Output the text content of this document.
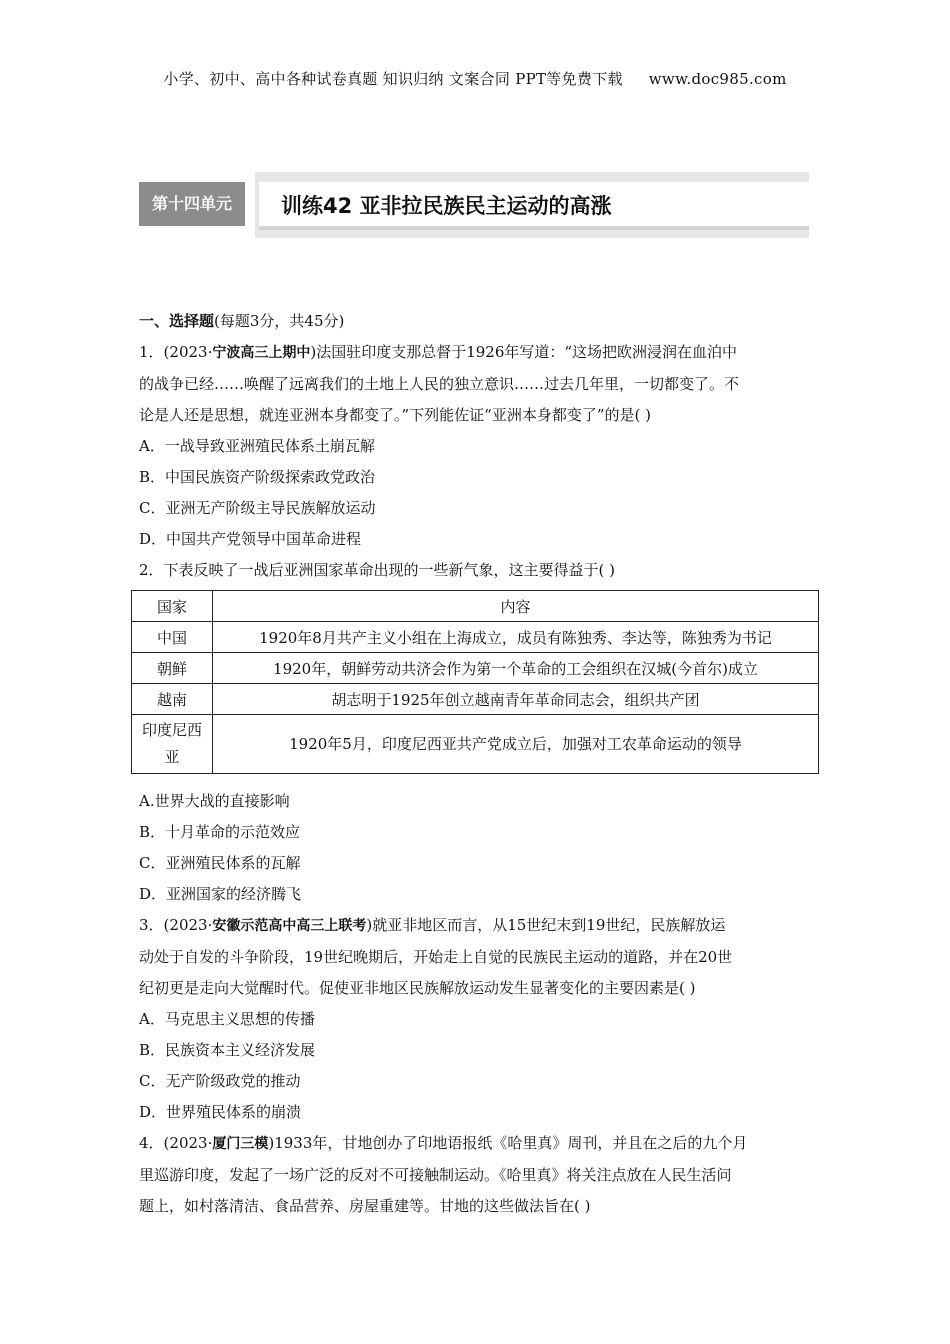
小学、初中、高中各种试卷真题 知识归纳 文案合同 PPT等免费下载 www.doc985.com
第十四单元	训练42 亚非拉民族民主运动的高涨
一、选择题(每题3分，共45分)
1．(2023·宁波高三上期中)法国驻印度支那总督于1926年写道：“这场把欧洲浸润在血泊中
的战争已经……唤醒了远离我们的土地上人民的独立意识……过去几年里，一切都变了。不
论是人还是思想，就连亚洲本身都变了。”下列能佐证“亚洲本身都变了”的是( )
A．一战导致亚洲殖民体系土崩瓦解
B．中国民族资产阶级探索政党政治
C．亚洲无产阶级主导民族解放运动
D．中国共产党领导中国革命进程
2．下表反映了一战后亚洲国家革命出现的一些新气象，这主要得益于( )
国家	内容
中国	1920年8月共产主义小组在上海成立，成员有陈独秀、李达等，陈独秀为书记
朝鲜	1920年，朝鲜劳动共济会作为第一个革命的工会组织在汉城(今首尔)成立
越南	胡志明于1925年创立越南青年革命同志会，组织共产团
印度尼西亚	1920年5月，印度尼西亚共产党成立后，加强对工农革命运动的领导
A.世界大战的直接影响
B．十月革命的示范效应
C．亚洲殖民体系的瓦解
D．亚洲国家的经济腾飞
3．(2023·安徽示范高中高三上联考)就亚非地区而言，从15世纪末到19世纪，民族解放运
动处于自发的斗争阶段，19世纪晚期后，开始走上自觉的民族民主运动的道路，并在20世
纪初更是走向大觉醒时代。促使亚非地区民族解放运动发生显著变化的主要因素是( )
A．马克思主义思想的传播
B．民族资本主义经济发展
C．无产阶级政党的推动
D．世界殖民体系的崩溃
4．(2023·厦门三模)1933年，甘地创办了印地语报纸《哈里真》周刊，并且在之后的九个月
里巡游印度，发起了一场广泛的反对不可接触制运动。《哈里真》将关注点放在人民生活问
题上，如村落清洁、食品营养、房屋重建等。甘地的这些做法旨在( )
